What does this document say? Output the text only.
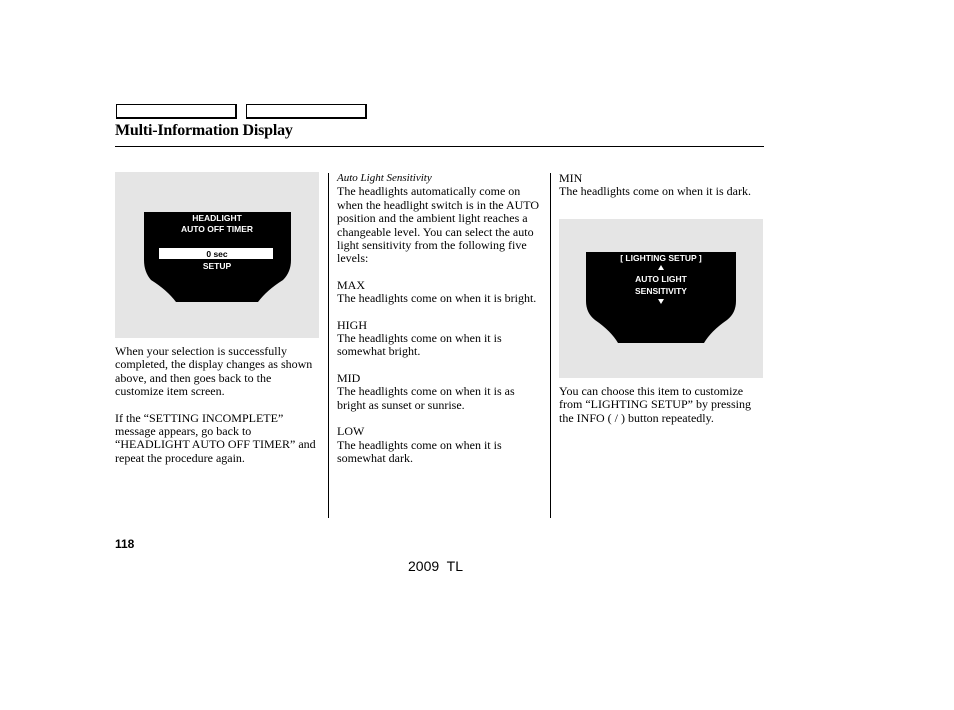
Multi-Information Display
HEADLIGHT
AUTO OFF TIMER
0 sec
SETUP

When your selection is successfully completed, the display changes as shown above, and then goes back to the customize item screen.

If the “SETTING INCOMPLETE” message appears, go back to “HEADLIGHT AUTO OFF TIMER” and repeat the procedure again.

Auto Light Sensitivity

The headlights automatically come on when the headlight switch is in the AUTO position and the ambient light reaches a changeable level. You can select the auto light sensitivity from the following five levels:

MAX

The headlights come on when it is bright.

HIGH

The headlights come on when it is somewhat bright.

MID

The headlights come on when it is as bright as sunset or sunrise.

LOW

The headlights come on when it is somewhat dark.

MIN

The headlights come on when it is dark.

[ LIGHTING SETUP ]
AUTO LIGHT
SENSITIVITY

You can choose this item to customize from “LIGHTING SETUP” by pressing the INFO ( / ) button repeatedly.

118
2009  TL
